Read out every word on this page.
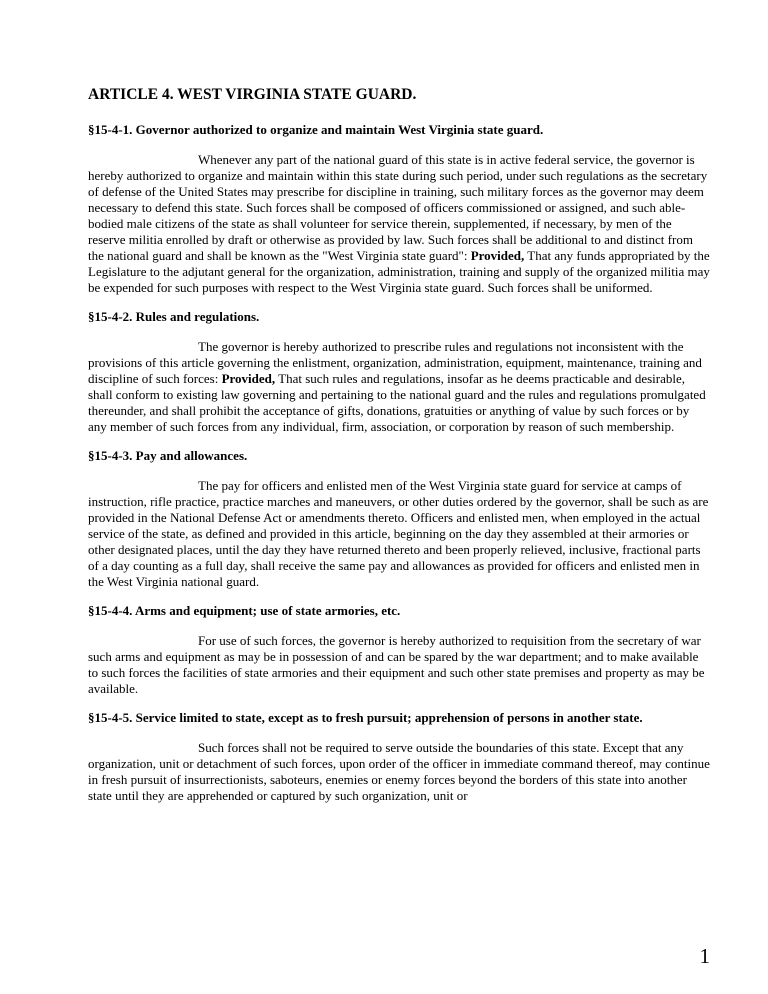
ARTICLE 4. WEST VIRGINIA STATE GUARD.
§15-4-1. Governor authorized to organize and maintain West Virginia state guard.

Whenever any part of the national guard of this state is in active federal service, the governor is hereby authorized to organize and maintain within this state during such period, under such regulations as the secretary of defense of the United States may prescribe for discipline in training, such military forces as the governor may deem necessary to defend this state. Such forces shall be composed of officers commissioned or assigned, and such able-bodied male citizens of the state as shall volunteer for service therein, supplemented, if necessary, by men of the reserve militia enrolled by draft or otherwise as provided by law. Such forces shall be additional to and distinct from the national guard and shall be known as the "West Virginia state guard": Provided, That any funds appropriated by the Legislature to the adjutant general for the organization, administration, training and supply of the organized militia may be expended for such purposes with respect to the West Virginia state guard. Such forces shall be uniformed.

§15-4-2. Rules and regulations.

The governor is hereby authorized to prescribe rules and regulations not inconsistent with the provisions of this article governing the enlistment, organization, administration, equipment, maintenance, training and discipline of such forces: Provided, That such rules and regulations, insofar as he deems practicable and desirable, shall conform to existing law governing and pertaining to the national guard and the rules and regulations promulgated thereunder, and shall prohibit the acceptance of gifts, donations, gratuities or anything of value by such forces or by any member of such forces from any individual, firm, association, or corporation by reason of such membership.

§15-4-3. Pay and allowances.

The pay for officers and enlisted men of the West Virginia state guard for service at camps of instruction, rifle practice, practice marches and maneuvers, or other duties ordered by the governor, shall be such as are provided in the National Defense Act or amendments thereto. Officers and enlisted men, when employed in the actual service of the state, as defined and provided in this article, beginning on the day they assembled at their armories or other designated places, until the day they have returned thereto and been properly relieved, inclusive, fractional parts of a day counting as a full day, shall receive the same pay and allowances as provided for officers and enlisted men in the West Virginia national guard.

§15-4-4. Arms and equipment; use of state armories, etc.

For use of such forces, the governor is hereby authorized to requisition from the secretary of war such arms and equipment as may be in possession of and can be spared by the war department; and to make available to such forces the facilities of state armories and their equipment and such other state premises and property as may be available.

§15-4-5. Service limited to state, except as to fresh pursuit; apprehension of persons in another state.

Such forces shall not be required to serve outside the boundaries of this state. Except that any organization, unit or detachment of such forces, upon order of the officer in immediate command thereof, may continue in fresh pursuit of insurrectionists, saboteurs, enemies or enemy forces beyond the borders of this state into another state until they are apprehended or captured by such organization, unit or

1
